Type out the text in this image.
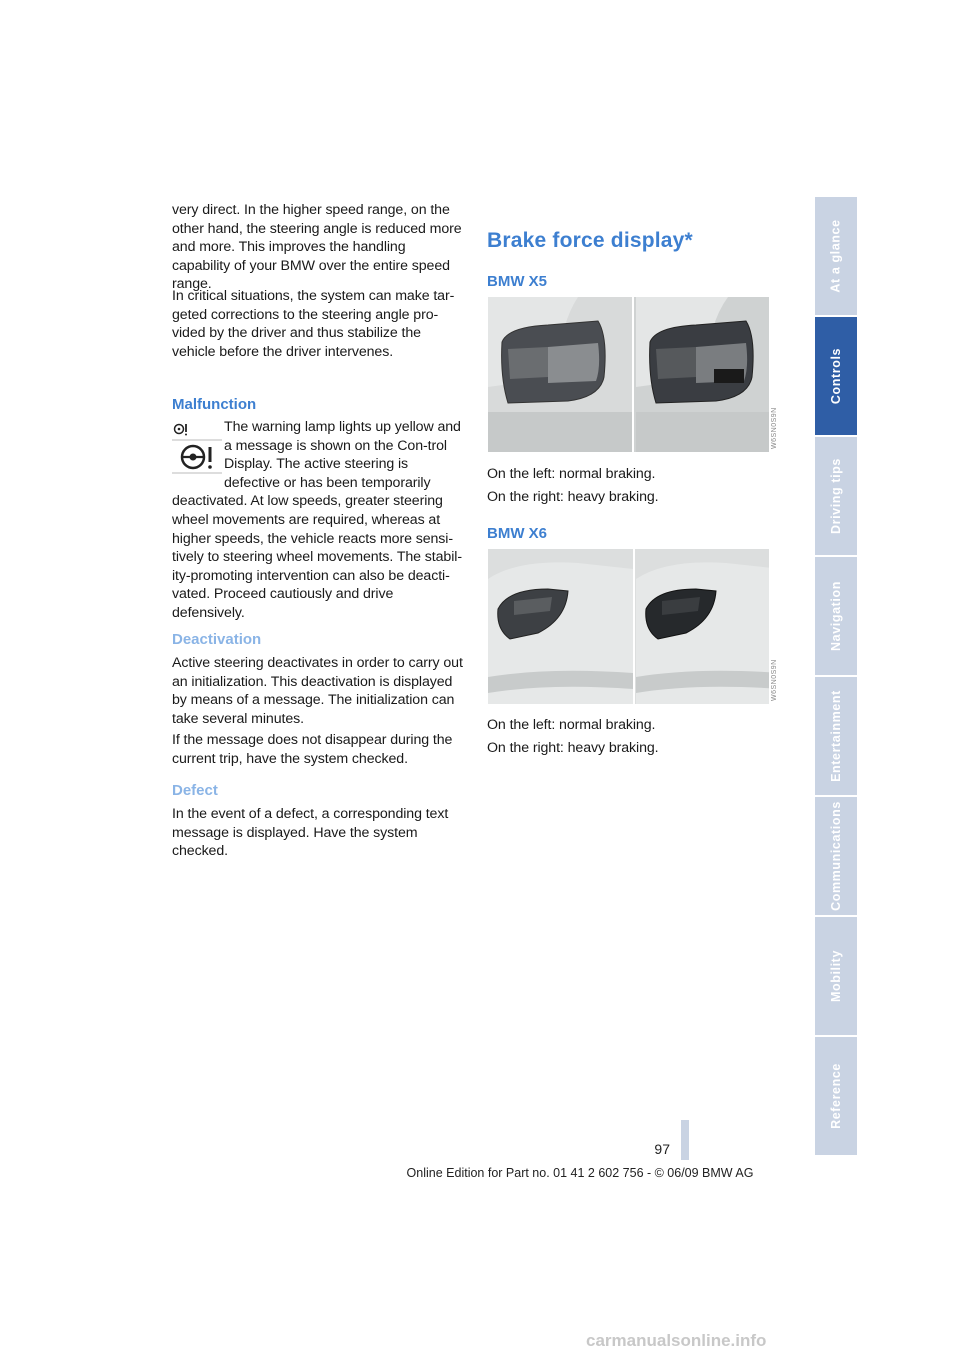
very direct. In the higher speed range, on the other hand, the steering angle is reduced more and more. This improves the handling capability of your BMW over the entire speed range.

In critical situations, the system can make tar-geted corrections to the steering angle pro-vided by the driver and thus stabilize the vehicle before the driver intervenes.

Malfunction

The warning lamp lights up yellow and a message is shown on the Con-trol Display. The active steering is defective or has been temporarily deactivated. At low speeds, greater steering wheel movements are required, whereas at higher speeds, the vehicle reacts more sensi-tively to steering wheel movements. The stabil-ity-promoting intervention can also be deacti-vated. Proceed cautiously and drive defensively.

Deactivation

Active steering deactivates in order to carry out an initialization. This deactivation is displayed by means of a message. The initialization can take several minutes.

If the message does not disappear during the current trip, have the system checked.

Defect

In the event of a defect, a corresponding text message is displayed. Have the system checked.

Brake force display*
BMW X5
W6SN0S9N

On the left: normal braking.

On the right: heavy braking.

BMW X6
W6SN0S9N

On the left: normal braking.

On the right: heavy braking.

At a glance
Controls
Driving tips
Navigation
Entertainment
Communications
Mobility
Reference
97
Online Edition for Part no. 01 41 2 602 756 - © 06/09 BMW AG
carmanualsonline.info
